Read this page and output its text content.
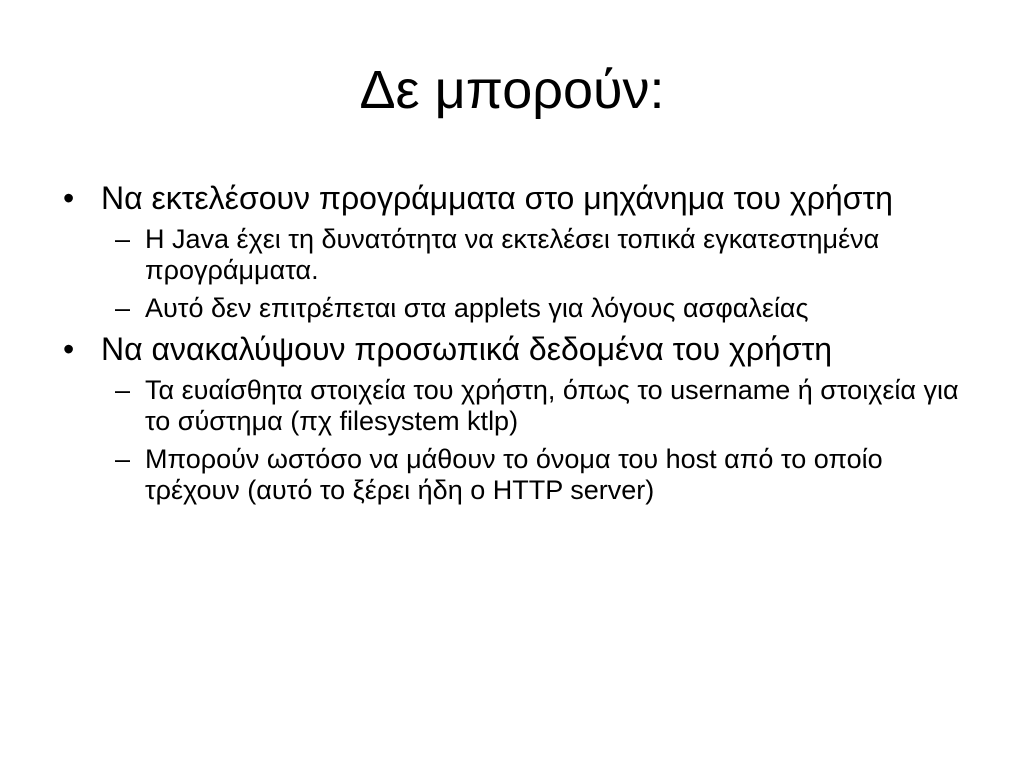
Δε μπορούν:
• Να εκτελέσουν προγράμματα στο μηχάνημα του χρήστη
– Η Java έχει τη δυνατότητα να εκτελέσει τοπικά εγκατεστημένα προγράμματα.
– Αυτό δεν επιτρέπεται στα applets για λόγους ασφαλείας
• Να ανακαλύψουν προσωπικά δεδομένα του χρήστη
– Τα ευαίσθητα στοιχεία του χρήστη, όπως το username ή στοιχεία για το σύστημα (πχ filesystem ktlp)
– Μπορούν ωστόσο να μάθουν το όνομα του host από το οποίο τρέχουν (αυτό το ξέρει ήδη ο HTTP server)
